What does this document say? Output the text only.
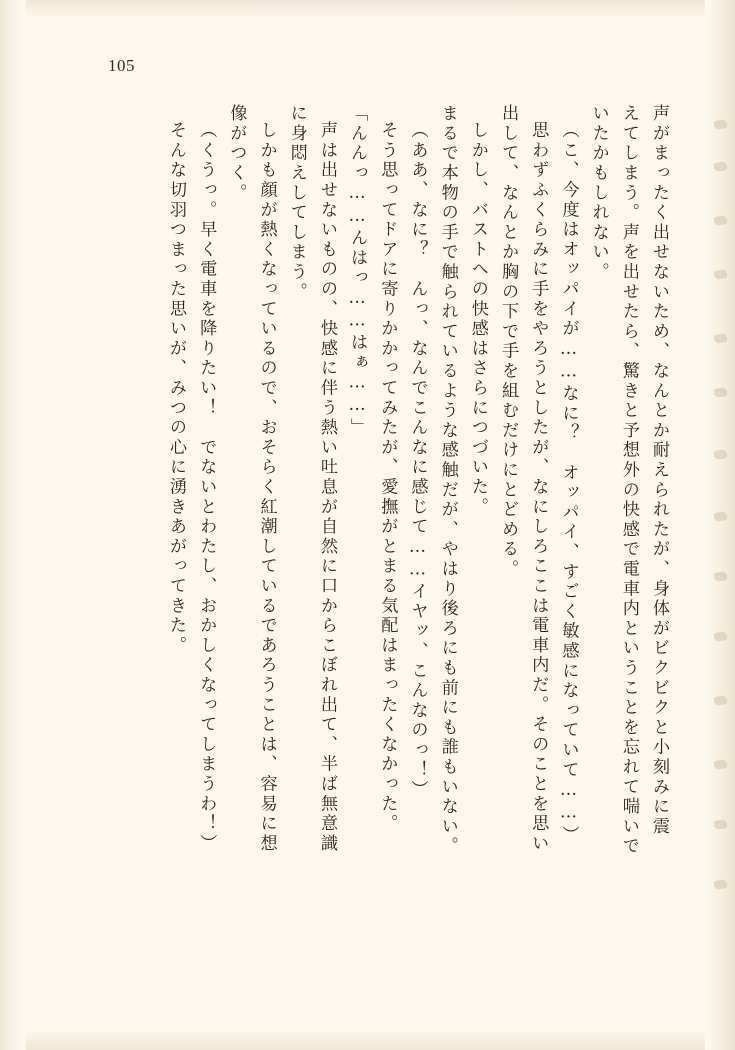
105
声がまったく出せないため、なんとか耐えられたが、身体がビクビクと小刻みに震
えてしまう。声を出せたら、驚きと予想外の快感で電車内ということを忘れて喘いで
いたかもしれない。
（こ、今度はオッパイが……なに？　オッパイ、すごく敏感になっていて……）
思わずふくらみに手をやろうとしたが、なにしろここは電車内だ。そのことを思い
出して、なんとか胸の下で手を組むだけにとどめる。
しかし、バストへの快感はさらにつづいた。
まるで本物の手で触られているような感触だが、やはり後ろにも前にも誰もいない。
（ああ、なに？　んっ、なんでこんなに感じて……イヤッ、こんなのっ！）
そう思ってドアに寄りかかってみたが、愛撫がとまる気配はまったくなかった。
「んんっ……んはっ……はぁ……」
声は出せないものの、快感に伴う熱い吐息が自然に口からこぼれ出て、半ば無意識
に身悶えしてしまう。
しかも顔が熱くなっているので、おそらく紅潮しているであろうことは、容易に想
像がつく。
（くうっ。早く電車を降りたい！　でないとわたし、おかしくなってしまうわ！）
そんな切羽つまった思いが、みつの心に湧きあがってきた。
